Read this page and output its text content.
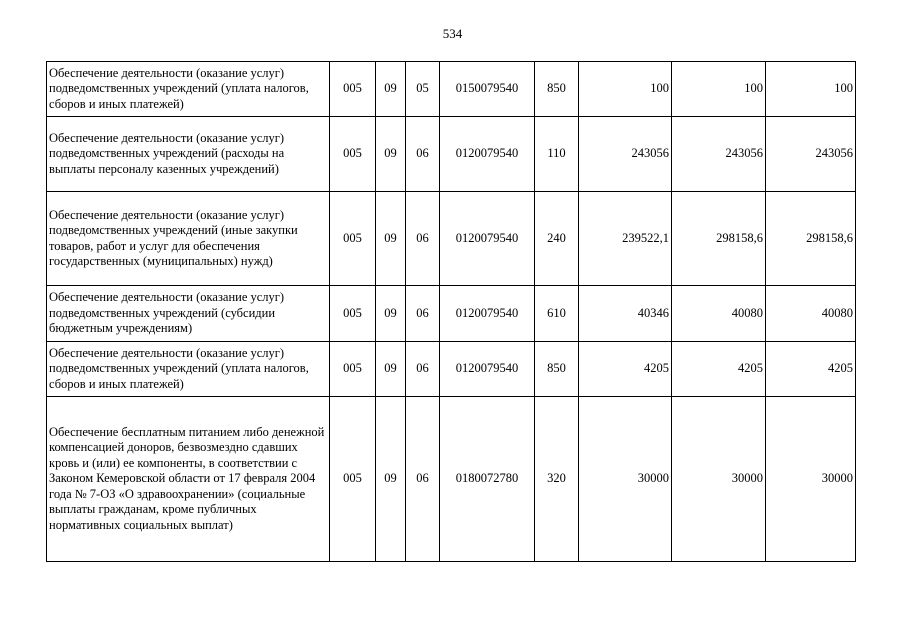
534
Обеспечение деятельности (оказание услуг) подведомственных учреждений (уплата налогов, сборов и иных платежей)	005	09	05	0150079540	850	100	100	100
Обеспечение деятельности (оказание услуг) подведомственных учреждений (расходы на выплаты персоналу казенных учреждений)	005	09	06	0120079540	110	243056	243056	243056
Обеспечение деятельности (оказание услуг) подведомственных учреждений (иные закупки товаров, работ и услуг для обеспечения государственных (муниципальных) нужд)	005	09	06	0120079540	240	239522,1	298158,6	298158,6
Обеспечение деятельности (оказание услуг) подведомственных учреждений (субсидии бюджетным учреждениям)	005	09	06	0120079540	610	40346	40080	40080
Обеспечение деятельности (оказание услуг) подведомственных учреждений (уплата налогов, сборов и иных платежей)	005	09	06	0120079540	850	4205	4205	4205
Обеспечение бесплатным питанием либо денежной компенсацией доноров, безвозмездно сдавших кровь и (или) ее компоненты, в соответствии с Законом Кемеровской области от 17 февраля 2004 года № 7-ОЗ «О здравоохранении» (социальные выплаты гражданам, кроме публичных нормативных социальных выплат)	005	09	06	0180072780	320	30000	30000	30000
